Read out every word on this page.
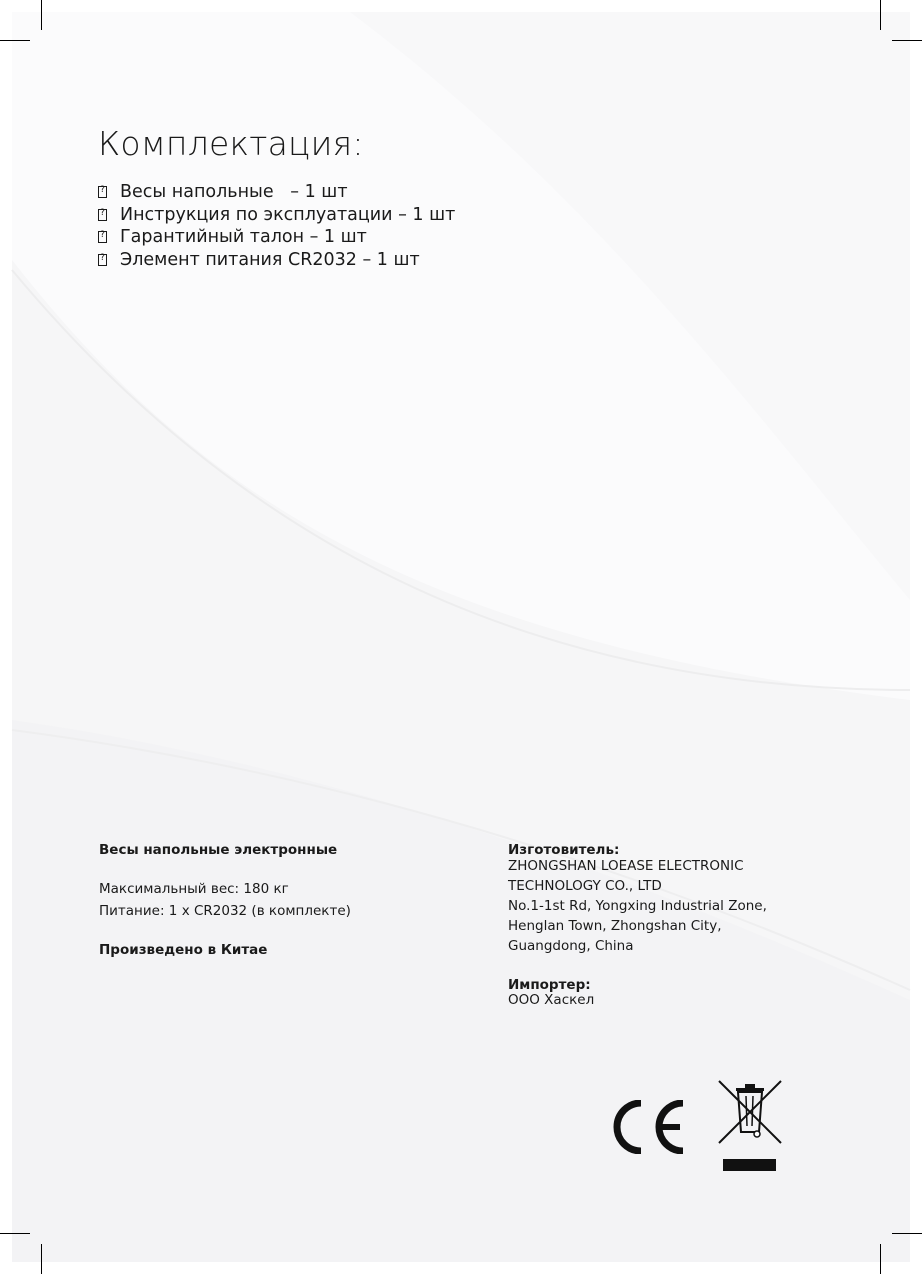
Комплектация:
?
Весы напольные   – 1 шт
?
Инструкция по эксплуатации – 1 шт
?
Гарантийный талон – 1 шт
?
Элемент питания CR2032 – 1 шт
Весы напольные электронные
Максимальный вес: 180 кг
Питание: 1 x CR2032 (в комплекте)
Произведено в Китае
Изготовитель:
ZHONGSHAN LOEASE ELECTRONIC
TECHNOLOGY CO., LTD
No.1-1st Rd, Yongxing Industrial Zone,
Henglan Town, Zhongshan City,
Guangdong, China
Импортер:
ООО Хаскел
